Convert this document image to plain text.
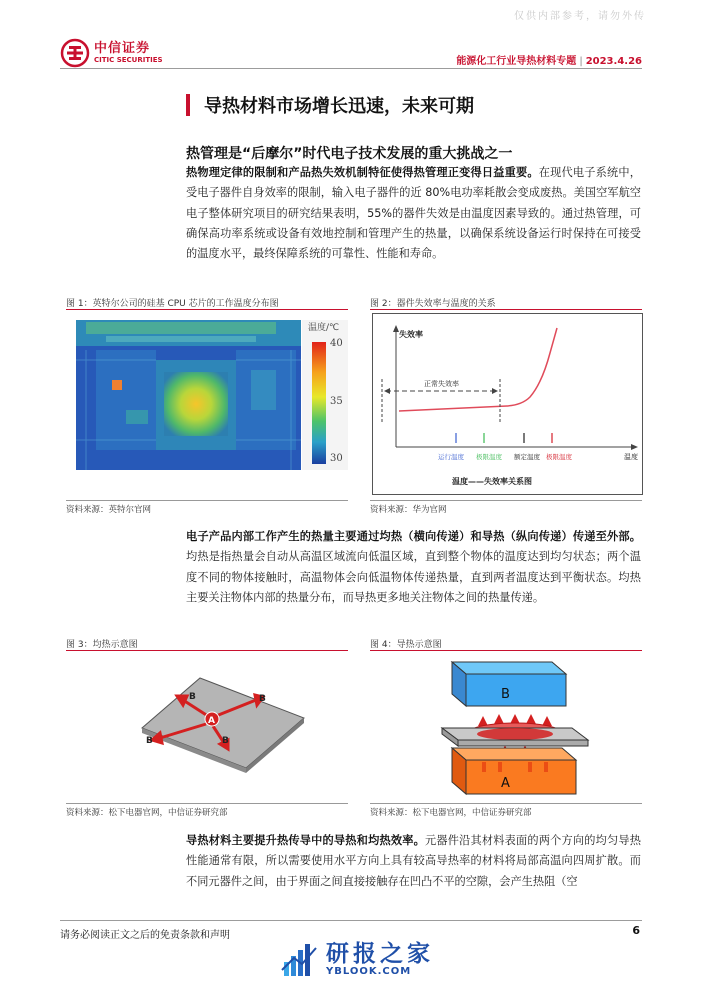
仅供内部参考，请勿外传
中信证券
CITIC SECURITIES	能源化工行业导热材料专题 | 2023.4.26
导热材料市场增长迅速，未来可期
热管理是“后摩尔”时代电子技术发展的重大挑战之一
热物理定律的限制和产品热失效机制特征使得热管理正变得日益重要。在现代电子系统中，受电子器件自身效率的限制，输入电子器件的近 80%电功率耗散会变成废热。美国空军航空电子整体研究项目的研究结果表明，55%的器件失效是由温度因素导致的。通过热管理，可确保高功率系统或设备有效地控制和管理产生的热量，以确保系统设备运行时保持在可接受的温度水平，最终保障系统的可靠性、性能和寿命。
图 1：英特尔公司的硅基 CPU 芯片的工作温度分布图
温度/℃
40
35
30
资料来源：英特尔官网
图 2：器件失效率与温度的关系
失效率
温度
正常失效率
运行温度 极限温度 额定温度 极限温度
温度——失效率关系图
资料来源：华为官网
电子产品内部工作产生的热量主要通过均热（横向传递）和导热（纵向传递）传递至外部。均热是指热量会自动从高温区域流向低温区域，直到整个物体的温度达到均匀状态；两个温度不同的物体接触时，高温物体会向低温物体传递热量，直到两者温度达到平衡状态。均热主要关注物体内部的热量分布，而导热更多地关注物体之间的热量传递。
图 3：均热示意图
A
B	B
B	B
资料来源：松下电器官网，中信证券研究部
图 4：导热示意图
B
A
资料来源：松下电器官网，中信证券研究部
导热材料主要提升热传导中的导热和均热效率。元器件沿其材料表面的两个方向的均匀导热性能通常有限，所以需要使用水平方向上具有较高导热率的材料将局部高温向四周扩散。而不同元器件之间，由于界面之间直接接触存在凹凸不平的空隙，会产生热阻（空
请务必阅读正文之后的免责条款和声明	6
研报之家
YBLOOK.COM
